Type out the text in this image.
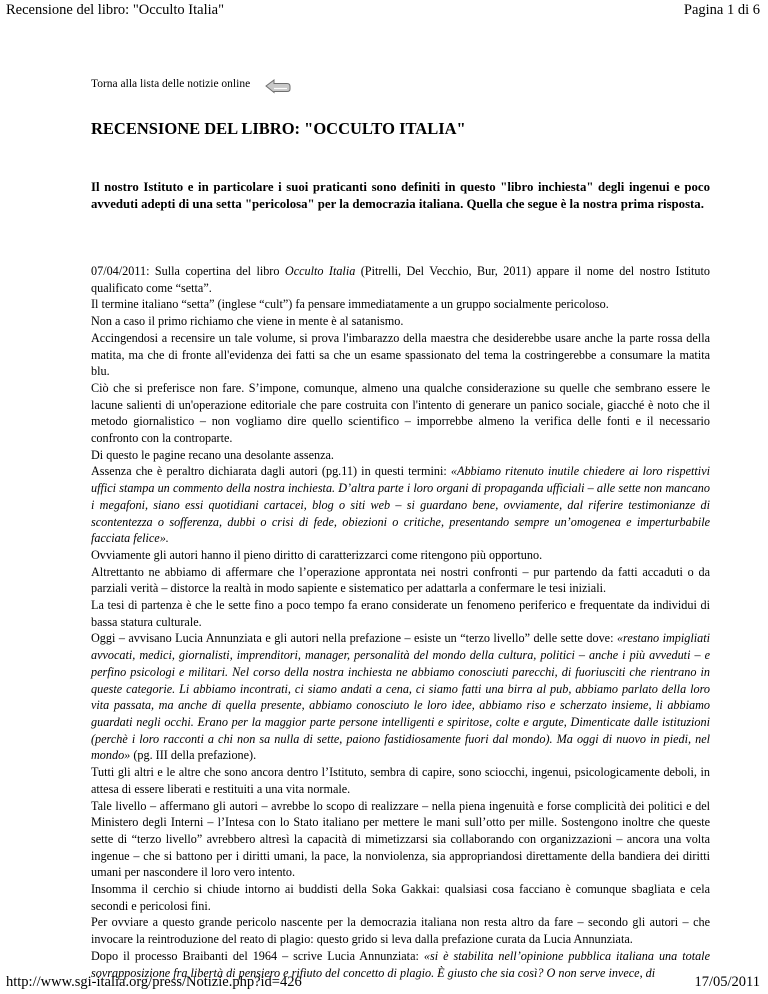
Recensione del libro: "Occulto Italia"	Pagina 1 di 6
Torna alla lista delle notizie online
RECENSIONE DEL LIBRO: "OCCULTO ITALIA"

Il nostro Istituto e in particolare i suoi praticanti sono definiti in questo "libro inchiesta" degli ingenui e poco avveduti adepti di una setta "pericolosa" per la democrazia italiana. Quella che segue è la nostra prima risposta.

07/04/2011: Sulla copertina del libro Occulto Italia (Pitrelli, Del Vecchio, Bur, 2011) appare il nome del nostro Istituto qualificato come “setta”.

Il termine italiano “setta” (inglese “cult”) fa pensare immediatamente a un gruppo socialmente pericoloso.

Non a caso il primo richiamo che viene in mente è al satanismo.

Accingendosi a recensire un tale volume, si prova l'imbarazzo della maestra che desiderebbe usare anche la parte rossa della matita, ma che di fronte all'evidenza dei fatti sa che un esame spassionato del tema la costringerebbe a consumare la matita blu.

Ciò che si preferisce non fare. S’impone, comunque, almeno una qualche considerazione su quelle che sembrano essere le lacune salienti di un'operazione editoriale che pare costruita con l'intento di generare un panico sociale, giacché è noto che il metodo giornalistico – non vogliamo dire quello scientifico – imporrebbe almeno la verifica delle fonti e il necessario confronto con la controparte.

Di questo le pagine recano una desolante assenza.

Assenza che è peraltro dichiarata dagli autori (pg.11) in questi termini: «Abbiamo ritenuto inutile chiedere ai loro rispettivi uffici stampa un commento della nostra inchiesta. D’altra parte i loro organi di propaganda ufficiali – alle sette non mancano i megafoni, siano essi quotidiani cartacei, blog o siti web – si guardano bene, ovviamente, dal riferire testimonianze di scontentezza o sofferenza, dubbi o crisi di fede, obiezioni o critiche, presentando sempre un’omogenea e imperturbabile facciata felice».

Ovviamente gli autori hanno il pieno diritto di caratterizzarci come ritengono più opportuno.

Altrettanto ne abbiamo di affermare che l’operazione approntata nei nostri confronti – pur partendo da fatti accaduti o da parziali verità – distorce la realtà in modo sapiente e sistematico per adattarla a confermare le tesi iniziali.

La tesi di partenza è che le sette fino a poco tempo fa erano considerate un fenomeno periferico e frequentate da individui di bassa statura culturale.

Oggi – avvisano Lucia Annunziata e gli autori nella prefazione – esiste un “terzo livello” delle sette dove: «restano impigliati avvocati, medici, giornalisti, imprenditori, manager, personalità del mondo della cultura, politici – anche i più avveduti – e perfino psicologi e militari. Nel corso della nostra inchiesta ne abbiamo conosciuti parecchi, di fuoriusciti che rientrano in queste categorie. Li abbiamo incontrati, ci siamo andati a cena, ci siamo fatti una birra al pub, abbiamo parlato della loro vita passata, ma anche di quella presente, abbiamo conosciuto le loro idee, abbiamo riso e scherzato insieme, li abbiamo guardati negli occhi. Erano per la maggior parte persone intelligenti e spiritose, colte e argute, Dimenticate dalle istituzioni (perchè i loro racconti a chi non sa nulla di sette, paiono fastidiosamente fuori dal mondo). Ma oggi di nuovo in piedi, nel mondo» (pg. III della prefazione).

Tutti gli altri e le altre che sono ancora dentro l’Istituto, sembra di capire, sono sciocchi, ingenui, psicologicamente deboli, in attesa di essere liberati e restituiti a una vita normale.

Tale livello – affermano gli autori – avrebbe lo scopo di realizzare – nella piena ingenuità e forse complicità dei politici e del Ministero degli Interni – l’Intesa con lo Stato italiano per mettere le mani sull’otto per mille. Sostengono inoltre che queste sette di “terzo livello” avrebbero altresì la capacità di mimetizzarsi sia collaborando con organizzazioni – ancora una volta ingenue – che si battono per i diritti umani, la pace, la nonviolenza, sia appropriandosi direttamente della bandiera dei diritti umani per nascondere il loro vero intento.

Insomma il cerchio si chiude intorno ai buddisti della Soka Gakkai: qualsiasi cosa facciano è comunque sbagliata e cela secondi e pericolosi fini.

Per ovviare a questo grande pericolo nascente per la democrazia italiana non resta altro da fare – secondo gli autori – che invocare la reintroduzione del reato di plagio: questo grido si leva dalla prefazione curata da Lucia Annunziata.

Dopo il processo Braibanti del 1964 – scrive Lucia Annunziata: «si è stabilita nell’opinione pubblica italiana una totale sovrapposizione fra libertà di pensiero e rifiuto del concetto di plagio. È giusto che sia così? O non serve invece, di

http://www.sgi-italia.org/press/Notizie.php?id=426	17/05/2011
